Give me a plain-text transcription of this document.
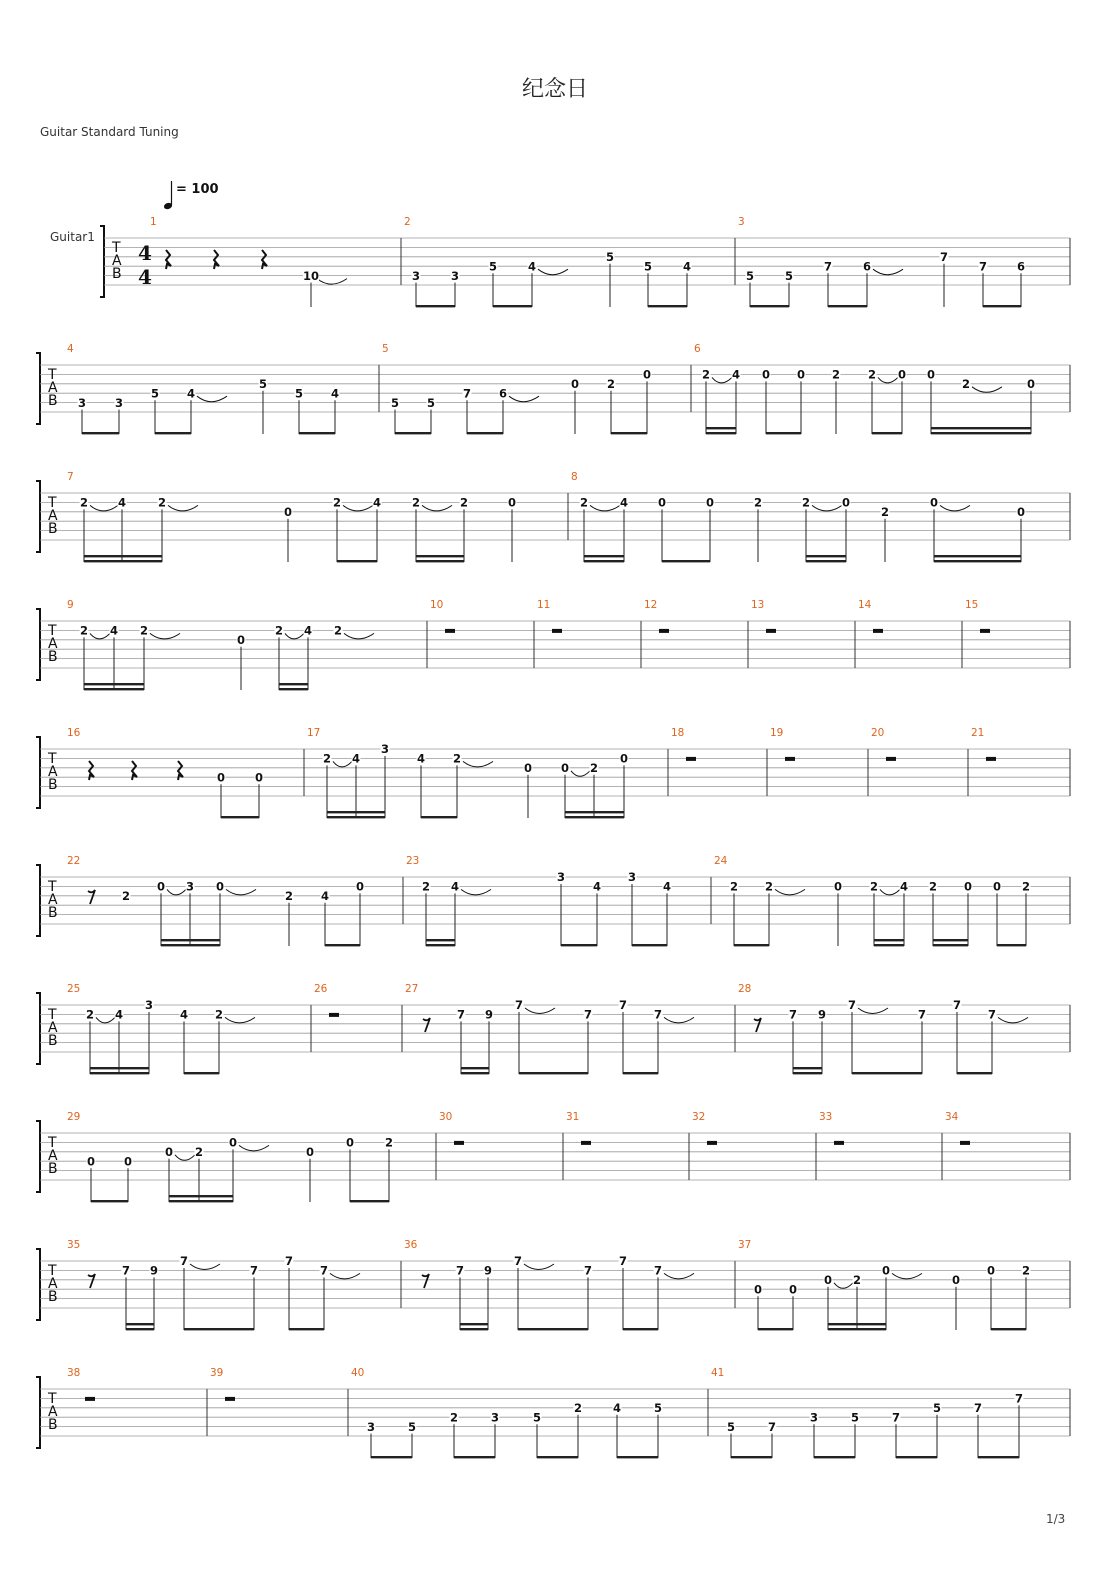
纪念日
Guitar Standard Tuning
1/3
= 100
Guitar1
T
A
B
4
4
1
10
2
3	3
5	4
5
5	4
3
5	5
7	6
7
7	6
T
A
B
4
3	3
5 4
5
5 4
5
5 5
7 6
0 2
0
6
2 4 0 0 2 2 0
2
0
0
T
A
B
7
2	4	2
0
2	4	2	2	0
8
2	4	0	0	2	2	0
2
0
0
T
A
B
9
2 4 2
0
2 4 2
10	11	12	13	14	15
T
A
B
16
0	0
17
2 4
3
4 2
0	0 2
0
18	19	20	21
T
A
B
22
2
0 3 0
2 4
0
23
2 4
3
4
3
4
24
2 2	0 2 4 2 0 0 2
T
A
B
25
2 4
3
4 2
26	27
7 9
7
7
7
7
28
7 9
7
7
7
7
T
A
B
29
0	0
0 2
0
0
0	2
30	31	32	33	34
T
A
B
35
7 9
7
7
7
7
36
7 9
7
7
7
7
37
0 0
0 2
0
0
0 2
T
A
B
38	39	40
3	5
2	3	5
2	4	5
41
5	7
3	5	7
5	7
7
